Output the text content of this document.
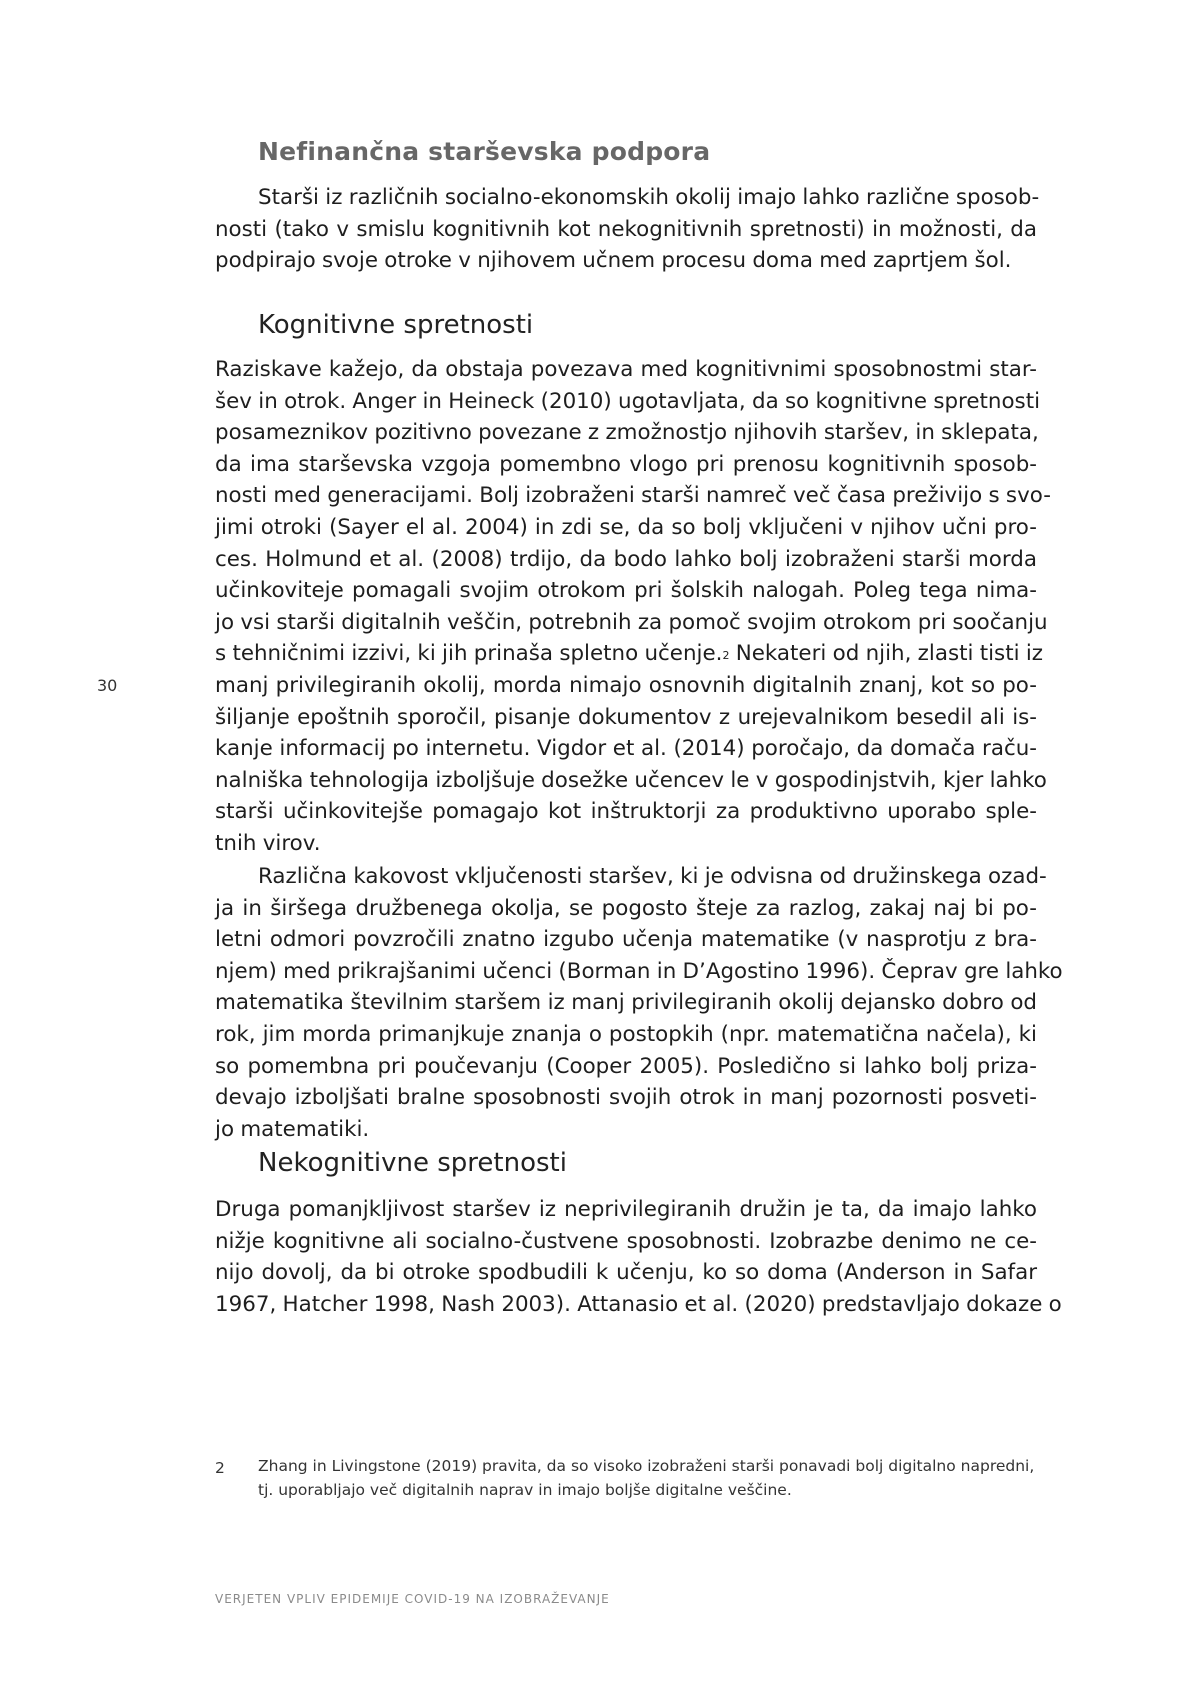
Nefinančna starševska podpora
Starši iz različnih socialno-ekonomskih okolij imajo lahko različne sposob-
nosti (tako v smislu kognitivnih kot nekognitivnih spretnosti) in možnosti, da
podpirajo svoje otroke v njihovem učnem procesu doma med zaprtjem šol.
Kognitivne spretnosti
Raziskave kažejo, da obstaja povezava med kognitivnimi sposobnostmi star-
šev in otrok. Anger in Heineck (2010) ugotavljata, da so kognitivne spretnosti
posameznikov pozitivno povezane z zmožnostjo njihovih staršev, in sklepata,
da ima starševska vzgoja pomembno vlogo pri prenosu kognitivnih sposob-
nosti med generacijami. Bolj izobraženi starši namreč več časa preživijo s svo-
jimi otroki (Sayer el al. 2004) in zdi se, da so bolj vključeni v njihov učni pro-
ces. Holmund et al. (2008) trdijo, da bodo lahko bolj izobraženi starši morda
učinkoviteje pomagali svojim otrokom pri šolskih nalogah. Poleg tega nima-
jo vsi starši digitalnih veščin, potrebnih za pomoč svojim otrokom pri soočanju
s tehničnimi izzivi, ki jih prinaša spletno učenje.$^2$ Nekateri od njih, zlasti tisti iz
manj privilegiranih okolij, morda nimajo osnovnih digitalnih znanj, kot so po-
šiljanje epoštnih sporočil, pisanje dokumentov z urejevalnikom besedil ali is-
kanje informacij po internetu. Vigdor et al. (2014) poročajo, da domača raču-
nalniška tehnologija izboljšuje dosežke učencev le v gospodinjstvih, kjer lahko
starši učinkovitejše pomagajo kot inštruktorji za produktivno uporabo sple-
tnih virov.
Različna kakovost vključenosti staršev, ki je odvisna od družinskega ozad-
ja in širšega družbenega okolja, se pogosto šteje za razlog, zakaj naj bi po-
letni odmori povzročili znatno izgubo učenja matematike (v nasprotju z bra-
njem) med prikrajšanimi učenci (Borman in D’Agostino 1996). Čeprav gre lahko
matematika številnim staršem iz manj privilegiranih okolij dejansko dobro od
rok, jim morda primanjkuje znanja o postopkih (npr. matematična načela), ki
so pomembna pri poučevanju (Cooper 2005). Posledično si lahko bolj priza-
devajo izboljšati bralne sposobnosti svojih otrok in manj pozornosti posveti-
jo matematiki.
Nekognitivne spretnosti
Druga pomanjkljivost staršev iz neprivilegiranih družin je ta, da imajo lahko
nižje kognitivne ali socialno-čustvene sposobnosti. Izobrazbe denimo ne ce-
nijo dovolj, da bi otroke spodbudili k učenju, ko so doma (Anderson in Safar
1967, Hatcher 1998, Nash 2003). Attanasio et al. (2020) predstavljajo dokaze o
30
2 Zhang in Livingstone (2019) pravita, da so visoko izobraženi starši ponavadi bolj digitalno napredni,
tj. uporabljajo več digitalnih naprav in imajo boljše digitalne veščine.
VERJETEN VPLIV EPIDEMIJE COVID-19 NA IZOBRAŽEVANJE
